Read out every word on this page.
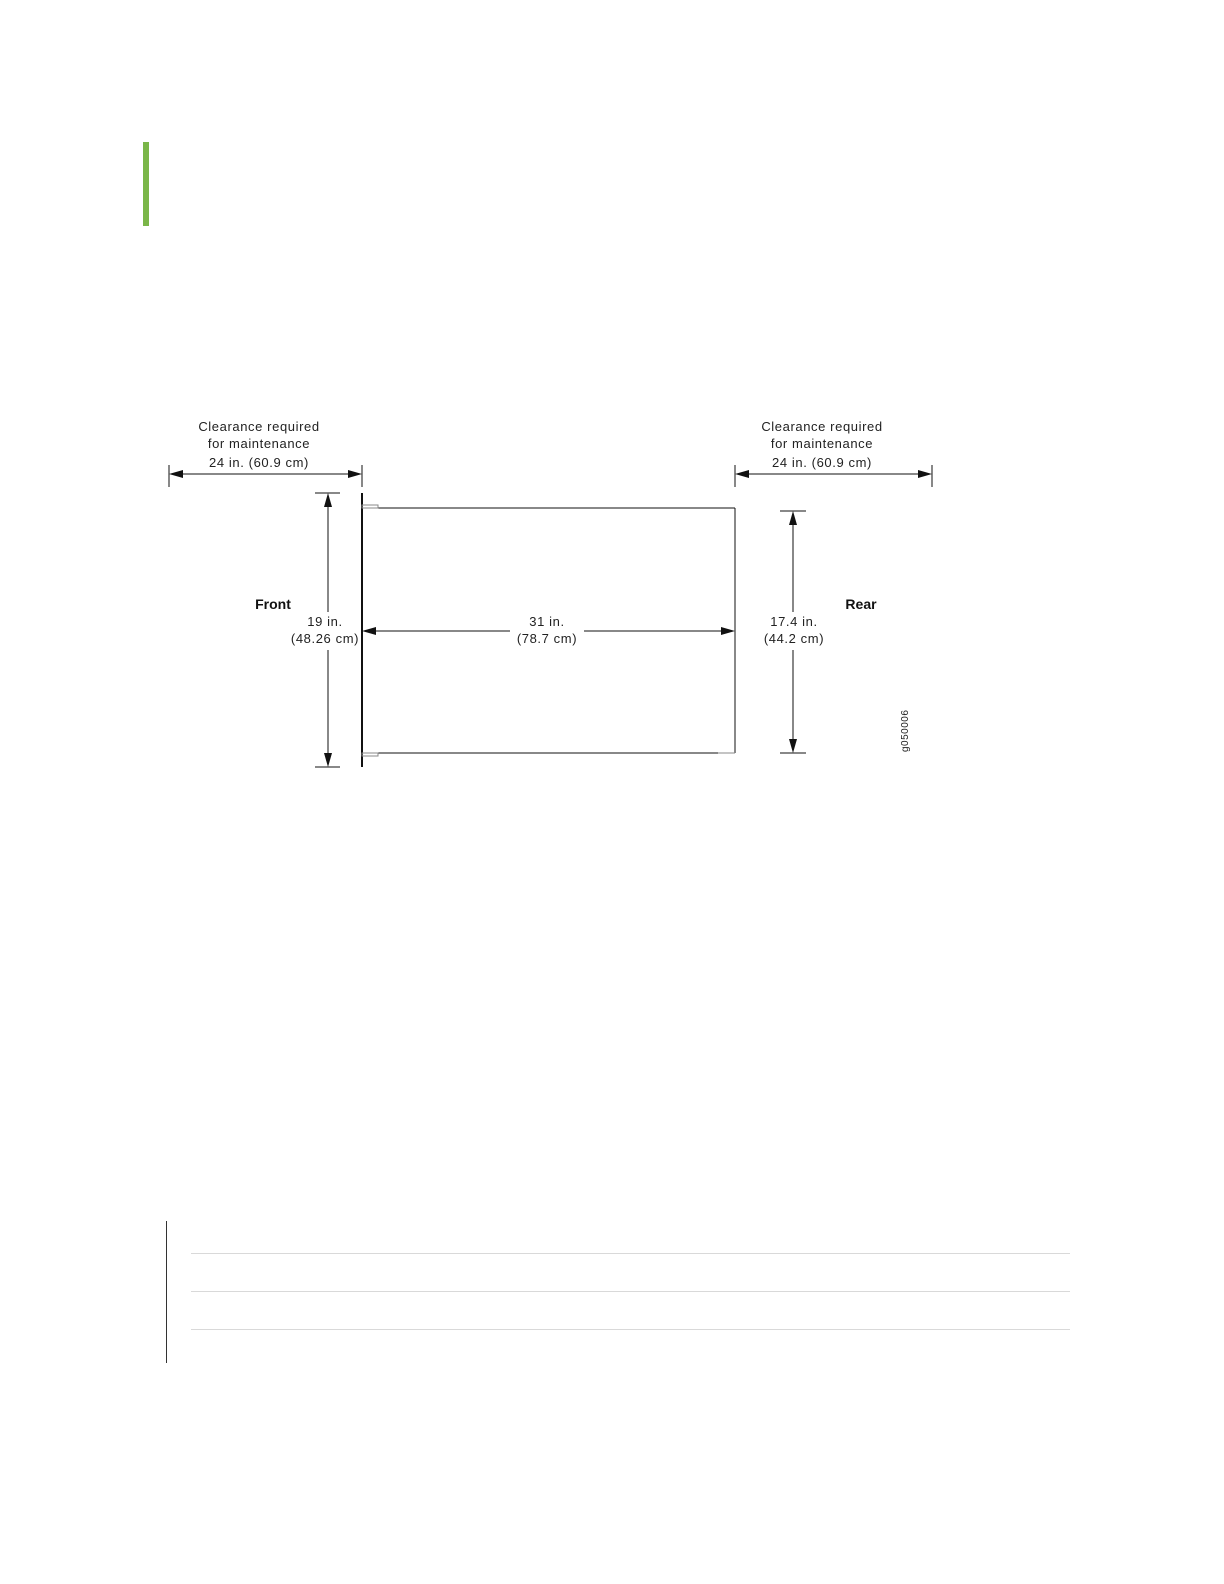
Clearance required
for maintenance
24 in. (60.9 cm)
Clearance required
for maintenance
24 in. (60.9 cm)
Front	Rear
19 in.
(48.26 cm)
31 in.
(78.7 cm)
17.4 in.
(44.2 cm)
g050006
